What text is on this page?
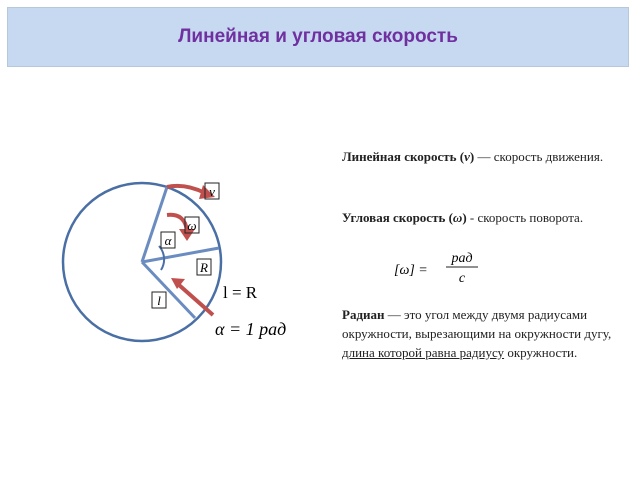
Линейная и угловая скорость
v
ω
α
R
l	l = R
α = 1 рад
Линейная скорость (v) — скорость движения.
Угловая скорость (ω) - скорость поворота.
[ω] =
рад
с
Радиан — это угол между двумя радиусами окружности, вырезающими на окружности дугу, длина которой равна радиусу окружности.
